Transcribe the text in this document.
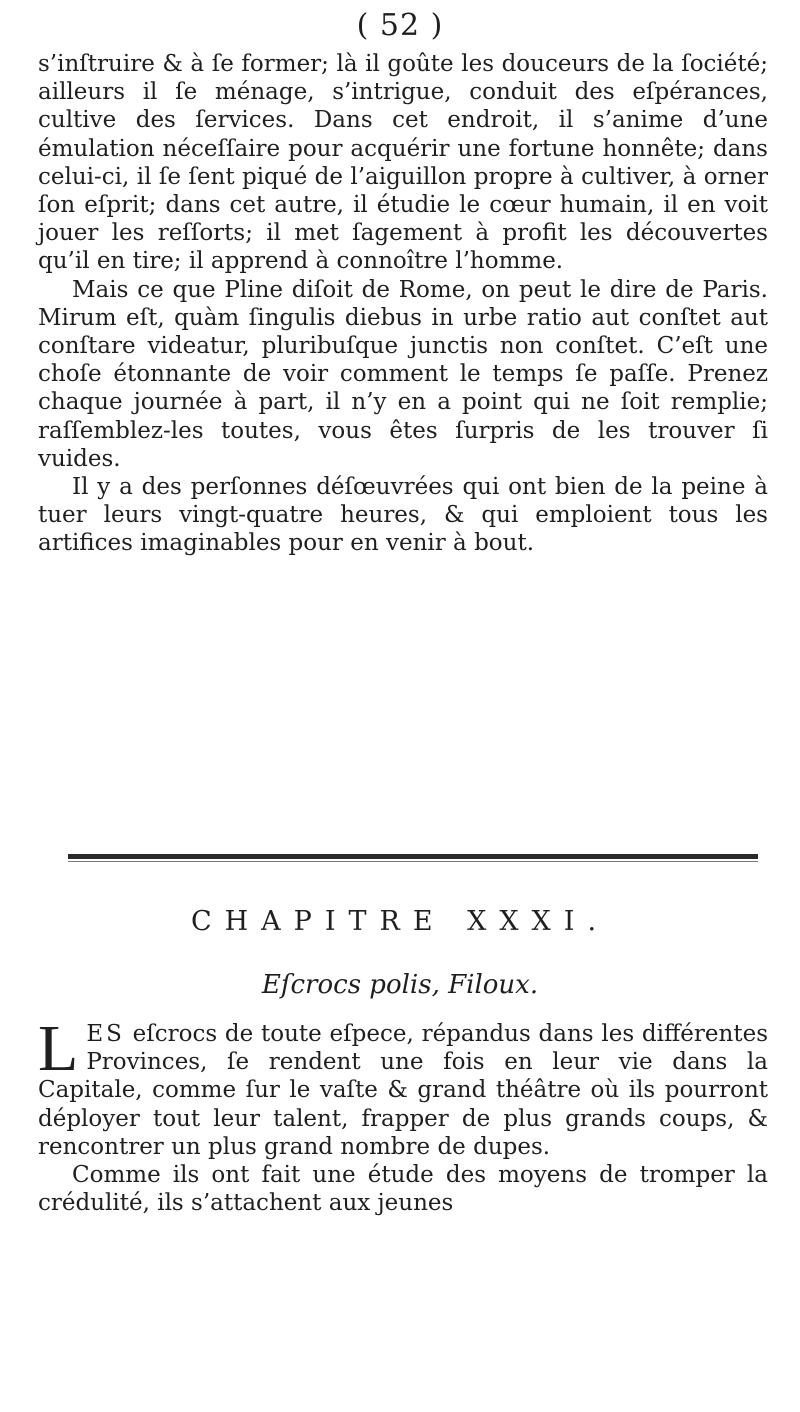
( 52 )

s’inſtruire & à ſe former; là il goûte les douceurs de la ſociété; ailleurs il ſe ménage, s’intrigue, conduit des eſpérances, cultive des ſervices. Dans cet endroit, il s’anime d’une émulation néceſſaire pour acquérir une fortune honnête; dans celui-ci, il ſe ſent piqué de l’aiguillon propre à cultiver, à orner ſon eſprit; dans cet autre, il étudie le cœur humain, il en voit jouer les reſſorts; il met ſagement à profit les découvertes qu’il en tire; il apprend à connoître l’homme.

Mais ce que Pline diſoit de Rome, on peut le dire de Paris. Mirum eſt, quàm ſingulis diebus in urbe ratio aut conſtet aut conſtare videatur, pluribuſque junctis non conſtet. C’eſt une choſe étonnante de voir comment le temps ſe paſſe. Prenez chaque journée à part, il n’y en a point qui ne ſoit remplie; raſſemblez-les toutes, vous êtes ſurpris de les trouver ſi vuides.

Il y a des perſonnes déſœuvrées qui ont bien de la peine à tuer leurs vingt-quatre heures, & qui emploient tous les artifices imaginables pour en venir à bout.

CHAPITRE XXXI.
Eſcrocs polis, Filoux.

LES eſcrocs de toute eſpece, répandus dans les différentes Provinces, ſe rendent une fois en leur vie dans la Capitale, comme ſur le vaſte & grand théâtre où ils pourront déployer tout leur talent, frapper de plus grands coups, & rencontrer un plus grand nombre de dupes.

Comme ils ont fait une étude des moyens de tromper la crédulité, ils s’attachent aux jeunes
